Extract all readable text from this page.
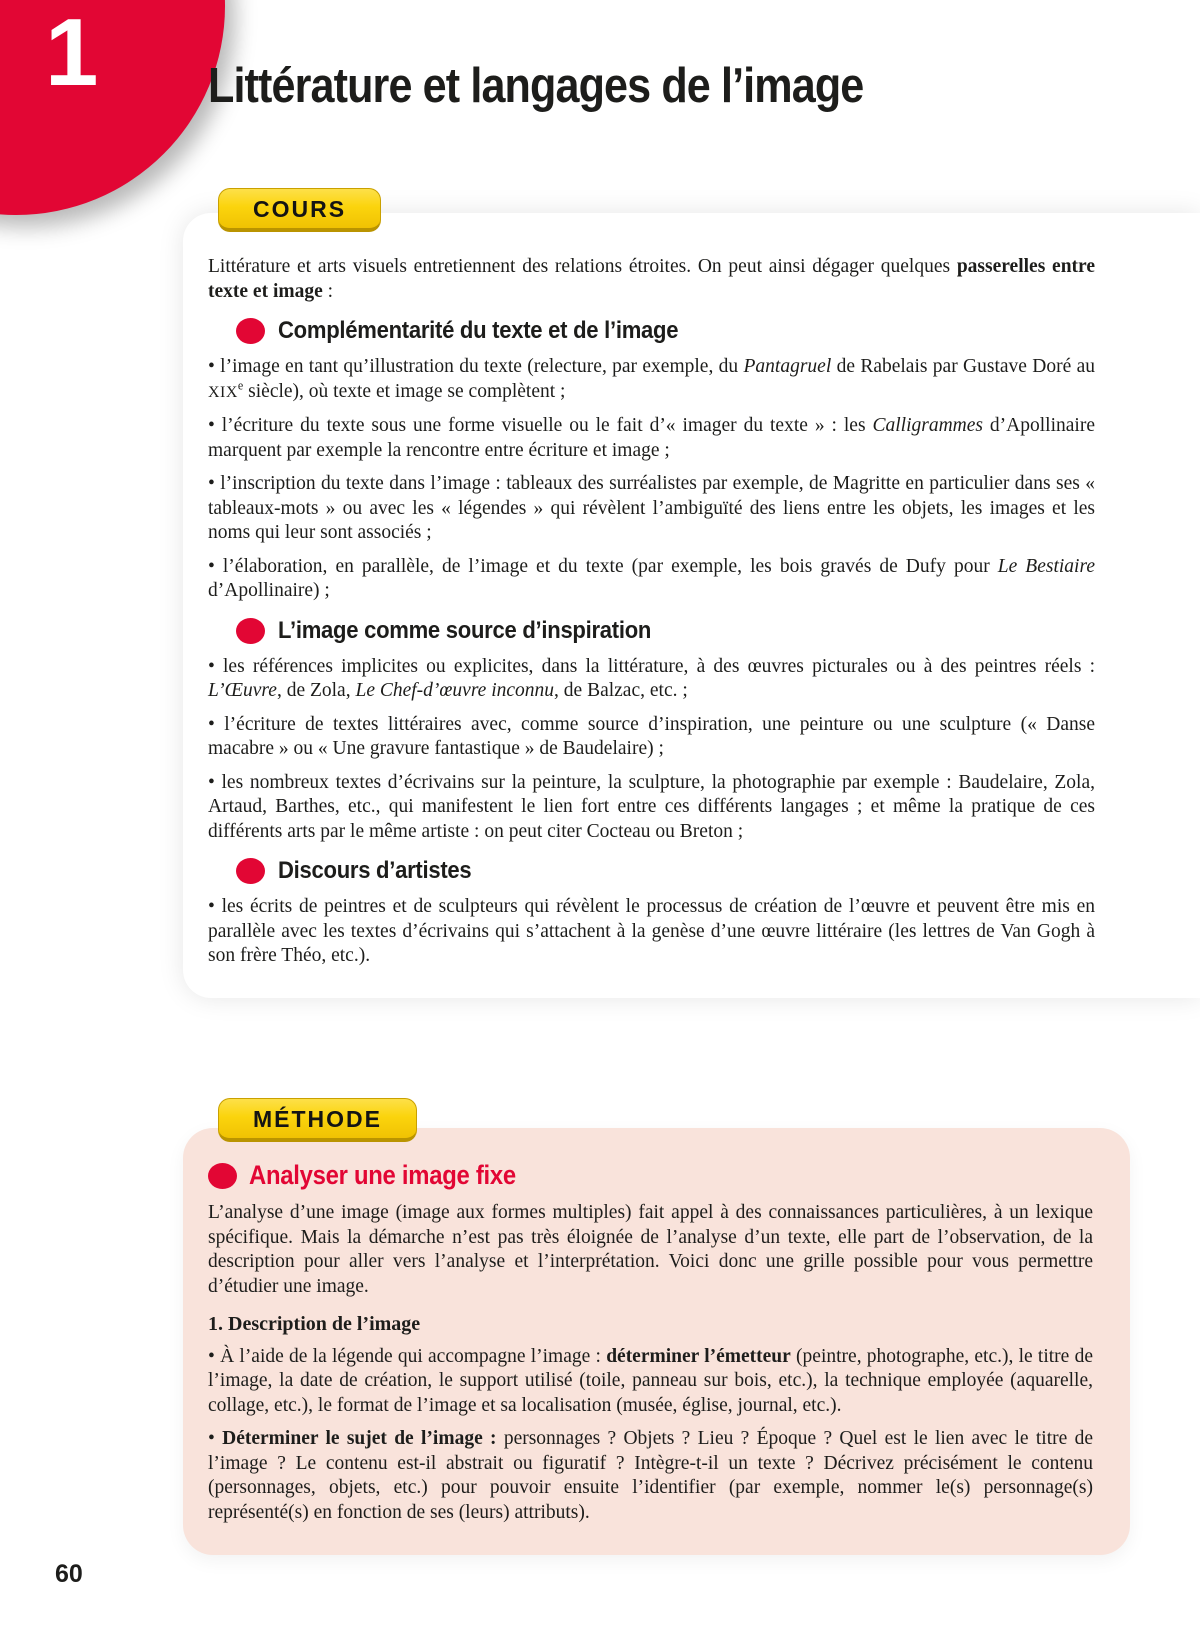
1 Littérature et langages de l’image
COURS

Littérature et arts visuels entretiennent des relations étroites. On peut ainsi dégager quelques passerelles entre texte et image :

Complémentarité du texte et de l’image

• l’image en tant qu’illustration du texte (relecture, par exemple, du Pantagruel de Rabelais par Gustave Doré au XIXe siècle), où texte et image se complètent ;

• l’écriture du texte sous une forme visuelle ou le fait d’« imager du texte » : les Calligrammes d’Apollinaire marquent par exemple la rencontre entre écriture et image ;

• l’inscription du texte dans l’image : tableaux des surréalistes par exemple, de Magritte en particulier dans ses « tableaux-mots » ou avec les « légendes » qui révèlent l’ambiguïté des liens entre les objets, les images et les noms qui leur sont associés ;

• l’élaboration, en parallèle, de l’image et du texte (par exemple, les bois gravés de Dufy pour Le Bestiaire d’Apollinaire) ;

L’image comme source d’inspiration

• les références implicites ou explicites, dans la littérature, à des œuvres picturales ou à des peintres réels : L’Œuvre, de Zola, Le Chef-d’œuvre inconnu, de Balzac, etc. ;

• l’écriture de textes littéraires avec, comme source d’inspiration, une peinture ou une sculpture (« Danse macabre » ou « Une gravure fantastique » de Baudelaire) ;

• les nombreux textes d’écrivains sur la peinture, la sculpture, la photographie par exemple : Baudelaire, Zola, Artaud, Barthes, etc., qui manifestent le lien fort entre ces différents langages ; et même la pratique de ces différents arts par le même artiste : on peut citer Cocteau ou Breton ;

Discours d’artistes

• les écrits de peintres et de sculpteurs qui révèlent le processus de création de l’œuvre et peuvent être mis en parallèle avec les textes d’écrivains qui s’attachent à la genèse d’une œuvre littéraire (les lettres de Van Gogh à son frère Théo, etc.).

MÉTHODE
Analyser une image fixe

L’analyse d’une image (image aux formes multiples) fait appel à des connaissances particulières, à un lexique spécifique. Mais la démarche n’est pas très éloignée de l’analyse d’un texte, elle part de l’observation, de la description pour aller vers l’analyse et l’interprétation. Voici donc une grille possible pour vous permettre d’étudier une image.

1. Description de l’image

• À l’aide de la légende qui accompagne l’image : déterminer l’émetteur (peintre, photographe, etc.), le titre de l’image, la date de création, le support utilisé (toile, panneau sur bois, etc.), la technique employée (aquarelle, collage, etc.), le format de l’image et sa localisation (musée, église, journal, etc.).

• Déterminer le sujet de l’image : personnages ? Objets ? Lieu ? Époque ? Quel est le lien avec le titre de l’image ? Le contenu est-il abstrait ou figuratif ? Intègre-t-il un texte ? Décrivez précisément le contenu (personnages, objets, etc.) pour pouvoir ensuite l’identifier (par exemple, nommer le(s) personnage(s) représenté(s) en fonction de ses (leurs) attributs).

60
